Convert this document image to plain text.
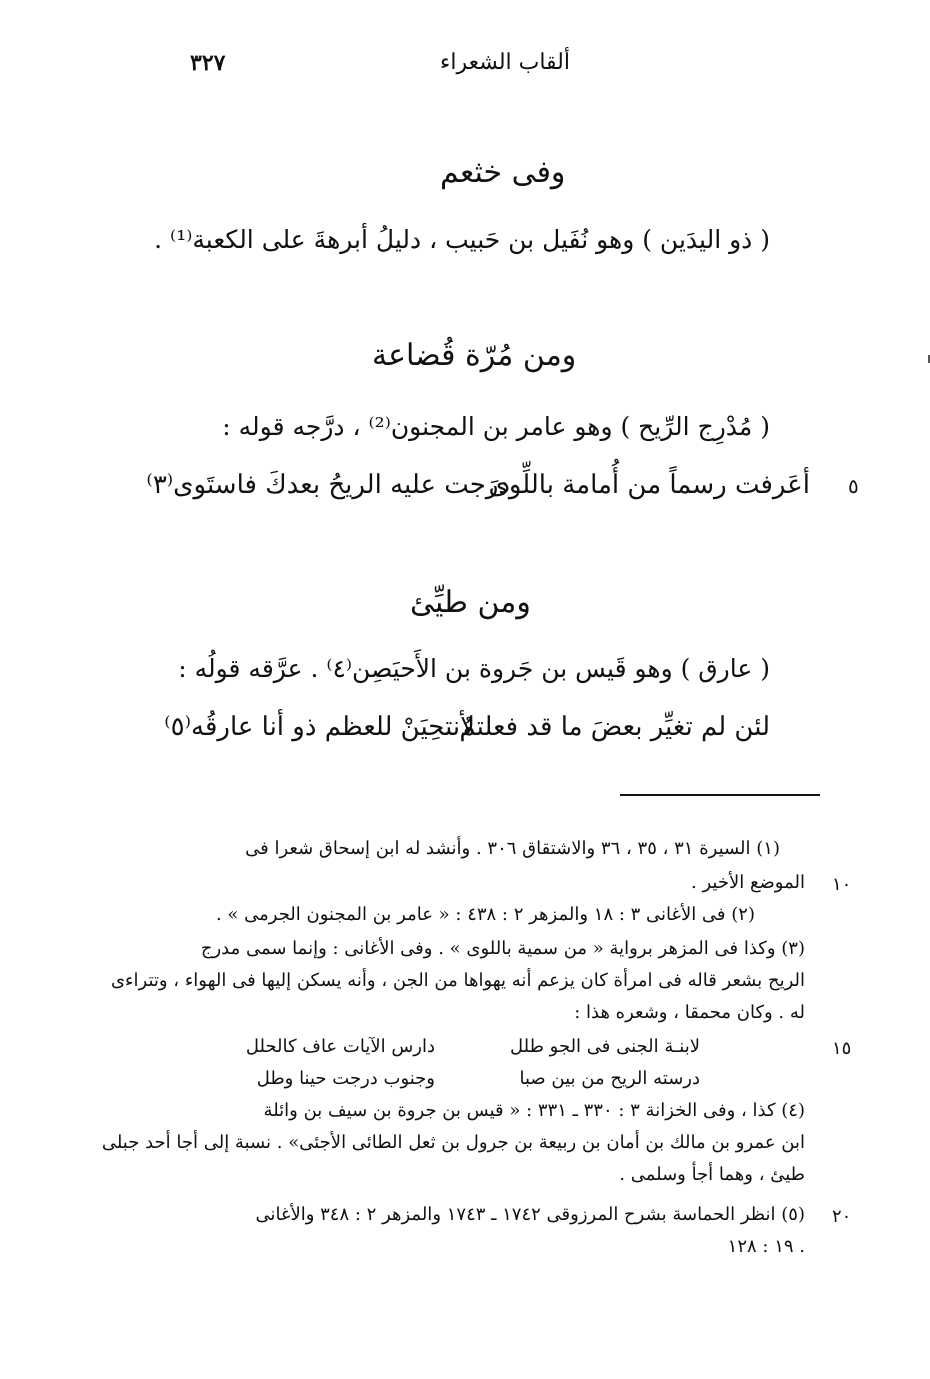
٣٢٧	ألقاب الشعراء
وفى خثعم
( ذو اليدَين ) وهو نُفَيل بن حَبيب ، دليلُ أبرهةَ على الكعبة⁽¹⁾ .
ومن مُرّة قُضاعة
( مُدْرِج الرِّيح ) وهو عامر بن المجنون⁽²⁾ ، درَّجه قوله :
أعَرفت رسماً من أُمامة باللِّوى
درَجت عليه الريحُ بعدكَ فاستَوى⁽٣⁾	٥
ومن طيِّئ
( عارق ) وهو قَيس بن جَروة بن الأَحيَصِن⁽٤⁾ . عرَّقه قولُه :
لئن لم تغيِّر بعضَ ما قد فعلتمُ
لأنتحِيَنْ للعظم ذو أنا عارقُه⁽٥⁾
(١) السيرة ٣١ ، ٣٥ ، ٣٦ والاشتقاق ٣٠٦ . وأنشد له ابن إسحاق شعرا فى
الموضع الأخير . ١٠
(٢) فى الأغانى ٣ : ١٨ والمزهر ٢ : ٤٣٨ : « عامر بن المجنون الجرمى » .
(٣) وكذا فى المزهر برواية « من سمية باللوى » . وفى الأغانى : وإنما سمى مدرج
الريح بشعر قاله فى امرأة كان يزعم أنه يهواها من الجن ، وأنه يسكن إليها فى الهواء ، وتتراءى
له . وكان محمقا ، وشعره هذا :
لابنـة الجنى فى الجو طلل
دارس الآيات عاف كالحلل	١٥
درسته الريح من بين صبا
وجنوب درجت حينا وطل
(٤) كذا ، وفى الخزانة ٣ : ٣٣٠ ـ ٣٣١ : « قيس بن جروة بن سيف بن وائلة
ابن عمرو بن مالك بن أمان بن ربيعة بن جرول بن ثعل الطائى الأجئى» . نسبة إلى أجا أحد جبلى
طيئ ، وهما أجأ وسلمى .
(٥) انظر الحماسة بشرح المرزوقى ١٧٤٢ ـ ١٧٤٣ والمزهر ٢ : ٣٤٨ والأغانى ٢٠
١٩ : ١٢٨ .
